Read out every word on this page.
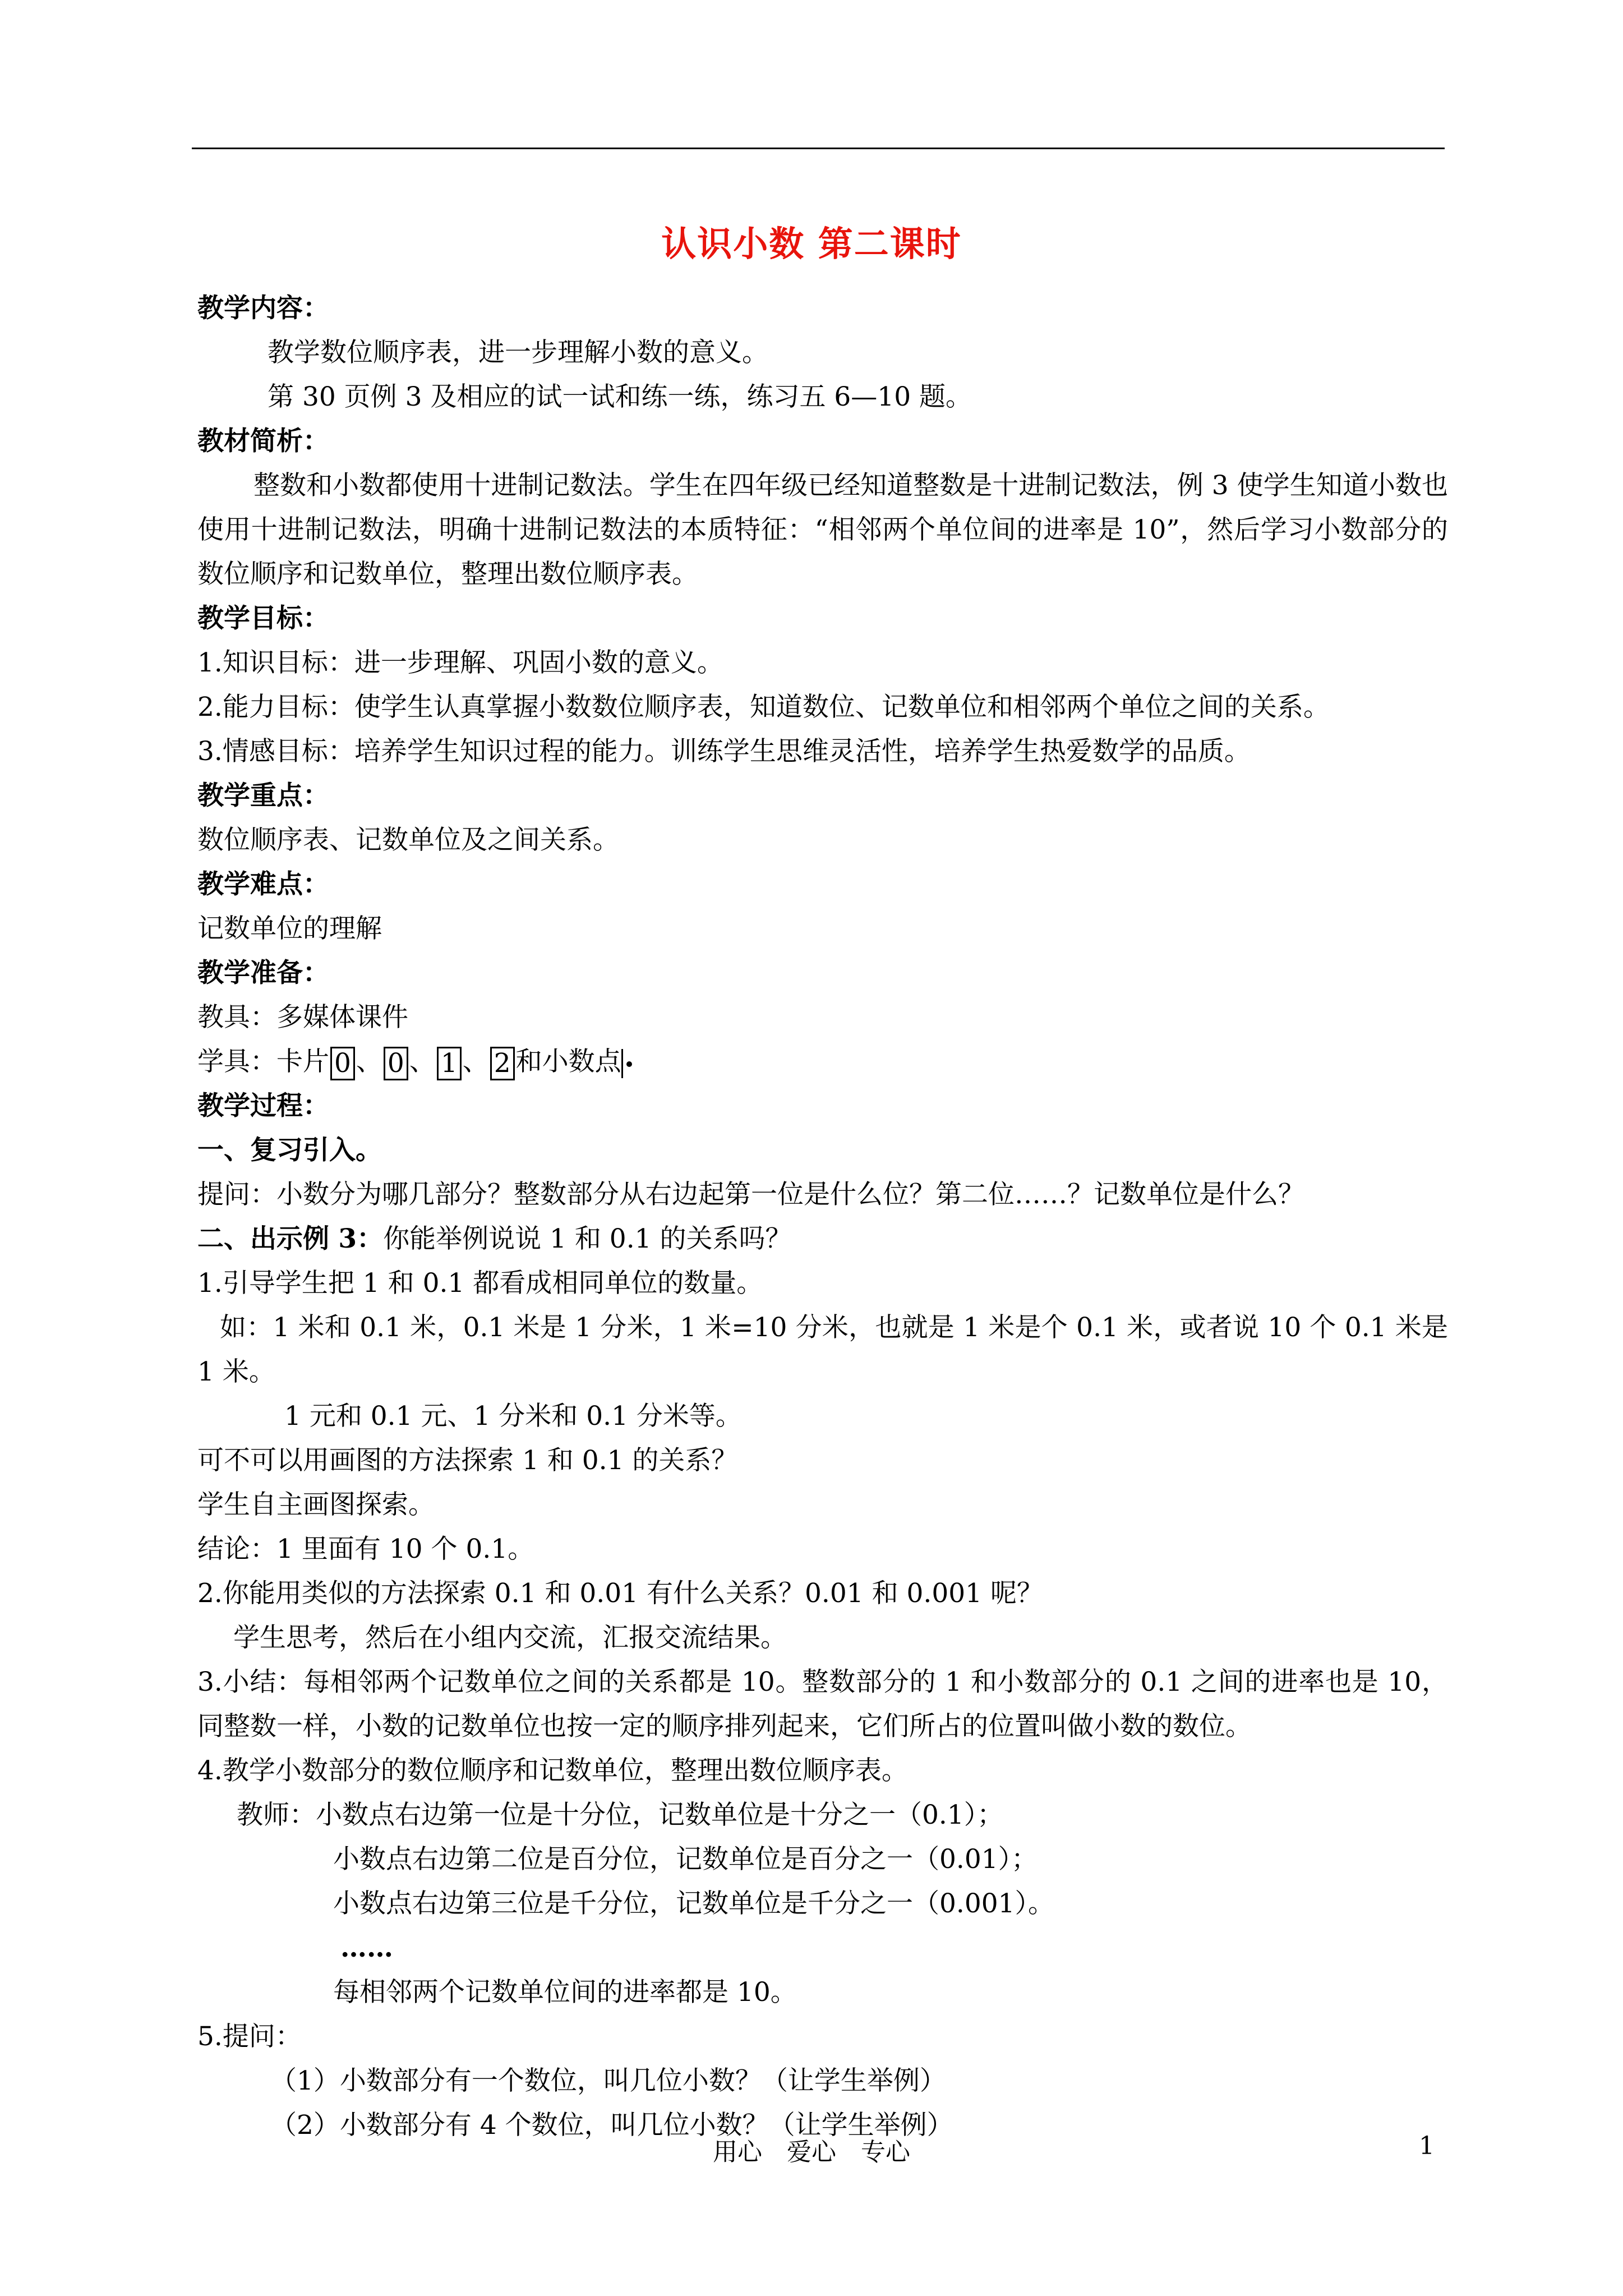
认识小数 第二课时
教学内容：
教学数位顺序表，进一步理解小数的意义。
第 30 页例 3 及相应的试一试和练一练，练习五 6—10 题。
教材简析：
整数和小数都使用十进制记数法。学生在四年级已经知道整数是十进制记数法，例 3 使学生知道小数也使用十进制记数法，明确十进制记数法的本质特征：“相邻两个单位间的进率是 10”，然后学习小数部分的数位顺序和记数单位，整理出数位顺序表。
教学目标：
1.知识目标：进一步理解、巩固小数的意义。
2.能力目标：使学生认真掌握小数数位顺序表，知道数位、记数单位和相邻两个单位之间的关系。
3.情感目标：培养学生知识过程的能力。训练学生思维灵活性，培养学生热爱数学的品质。
教学重点：
数位顺序表、记数单位及之间关系。
教学难点：
记数单位的理解
教学准备：
教具：多媒体课件
学具：卡片 0 、 0 、 1 、 2 和小数点
教学过程：
一、复习引入。
提问：小数分为哪几部分？整数部分从右边起第一位是什么位？第二位……？记数单位是什么？
二、出示例 3：你能举例说说 1 和 0.1 的关系吗？
1.引导学生把 1 和 0.1 都看成相同单位的数量。
如：1 米和 0.1 米，0.1 米是 1 分米，1 米=10 分米，也就是 1 米是个 0.1 米，或者说 10 个 0.1 米是 1 米。
1 元和 0.1 元、1 分米和 0.1 分米等。
可不可以用画图的方法探索 1 和 0.1 的关系？
学生自主画图探索。
结论：1 里面有 10 个 0.1。
2.你能用类似的方法探索 0.1 和 0.01 有什么关系？0.01 和 0.001 呢？
学生思考，然后在小组内交流，汇报交流结果。
3.小结：每相邻两个记数单位之间的关系都是 10。整数部分的 1 和小数部分的 0.1 之间的进率也是 10，同整数一样，小数的记数单位也按一定的顺序排列起来，它们所占的位置叫做小数的数位。
4.教学小数部分的数位顺序和记数单位，整理出数位顺序表。
教师：小数点右边第一位是十分位，记数单位是十分之一（0.1）；
小数点右边第二位是百分位，记数单位是百分之一（0.01）；
小数点右边第三位是千分位，记数单位是千分之一（0.001）。
……
每相邻两个记数单位间的进率都是 10。
5.提问：
（1）小数部分有一个数位，叫几位小数？（让学生举例）
（2）小数部分有 4 个数位，叫几位小数？（让学生举例）
用心 爱心 专心	1
